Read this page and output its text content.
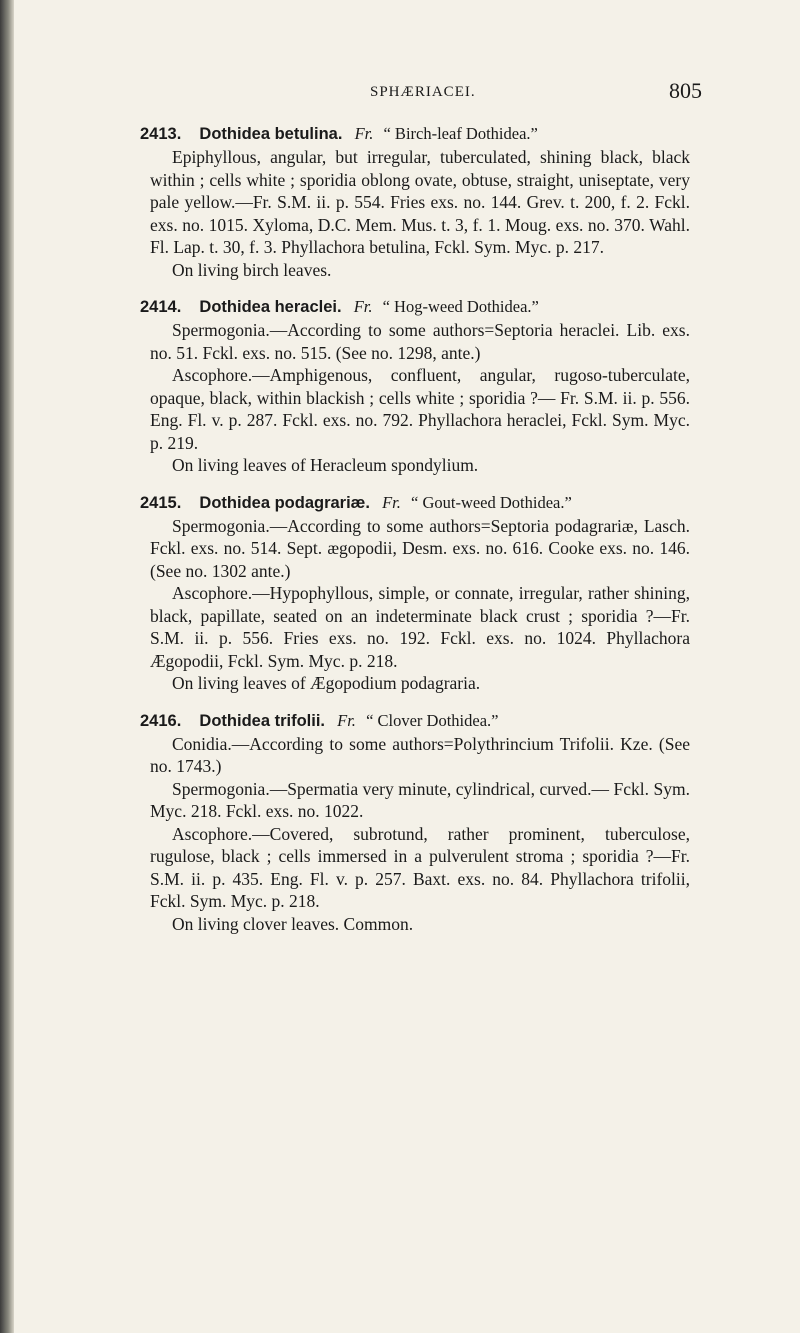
SPHÆRIACEI.	805
2413. Dothidea betulina. Fr. “ Birch-leaf Dothidea.”

Epiphyllous, angular, but irregular, tuberculated, shining black, black within ; cells white ; sporidia oblong ovate, obtuse, straight, uniseptate, very pale yellow.—Fr. S.M. ii. p. 554. Fries exs. no. 144. Grev. t. 200, f. 2. Fckl. exs. no. 1015. Xyloma, D.C. Mem. Mus. t. 3, f. 1. Moug. exs. no. 370. Wahl. Fl. Lap. t. 30, f. 3. Phyllachora betulina, Fckl. Sym. Myc. p. 217.

On living birch leaves.

2414. Dothidea heraclei. Fr. “ Hog-weed Dothidea.”

Spermogonia.—According to some authors=Septoria heraclei. Lib. exs. no. 51. Fckl. exs. no. 515. (See no. 1298, ante.)

Ascophore.—Amphigenous, confluent, angular, rugoso-tuberculate, opaque, black, within blackish ; cells white ; sporidia ?— Fr. S.M. ii. p. 556. Eng. Fl. v. p. 287. Fckl. exs. no. 792. Phyllachora heraclei, Fckl. Sym. Myc. p. 219.

On living leaves of Heracleum spondylium.

2415. Dothidea podagrariæ. Fr. “ Gout-weed Dothidea.”

Spermogonia.—According to some authors=Septoria podagrariæ, Lasch. Fckl. exs. no. 514. Sept. ægopodii, Desm. exs. no. 616. Cooke exs. no. 146. (See no. 1302 ante.)

Ascophore.—Hypophyllous, simple, or connate, irregular, rather shining, black, papillate, seated on an indeterminate black crust ; sporidia ?—Fr. S.M. ii. p. 556. Fries exs. no. 192. Fckl. exs. no. 1024. Phyllachora Ægopodii, Fckl. Sym. Myc. p. 218.

On living leaves of Ægopodium podagraria.

2416. Dothidea trifolii. Fr. “ Clover Dothidea.”

Conidia.—According to some authors=Polythrincium Trifolii. Kze. (See no. 1743.)

Spermogonia.—Spermatia very minute, cylindrical, curved.— Fckl. Sym. Myc. 218. Fckl. exs. no. 1022.

Ascophore.—Covered, subrotund, rather prominent, tuberculose, rugulose, black ; cells immersed in a pulverulent stroma ; sporidia ?—Fr. S.M. ii. p. 435. Eng. Fl. v. p. 257. Baxt. exs. no. 84. Phyllachora trifolii, Fckl. Sym. Myc. p. 218.

On living clover leaves. Common.
